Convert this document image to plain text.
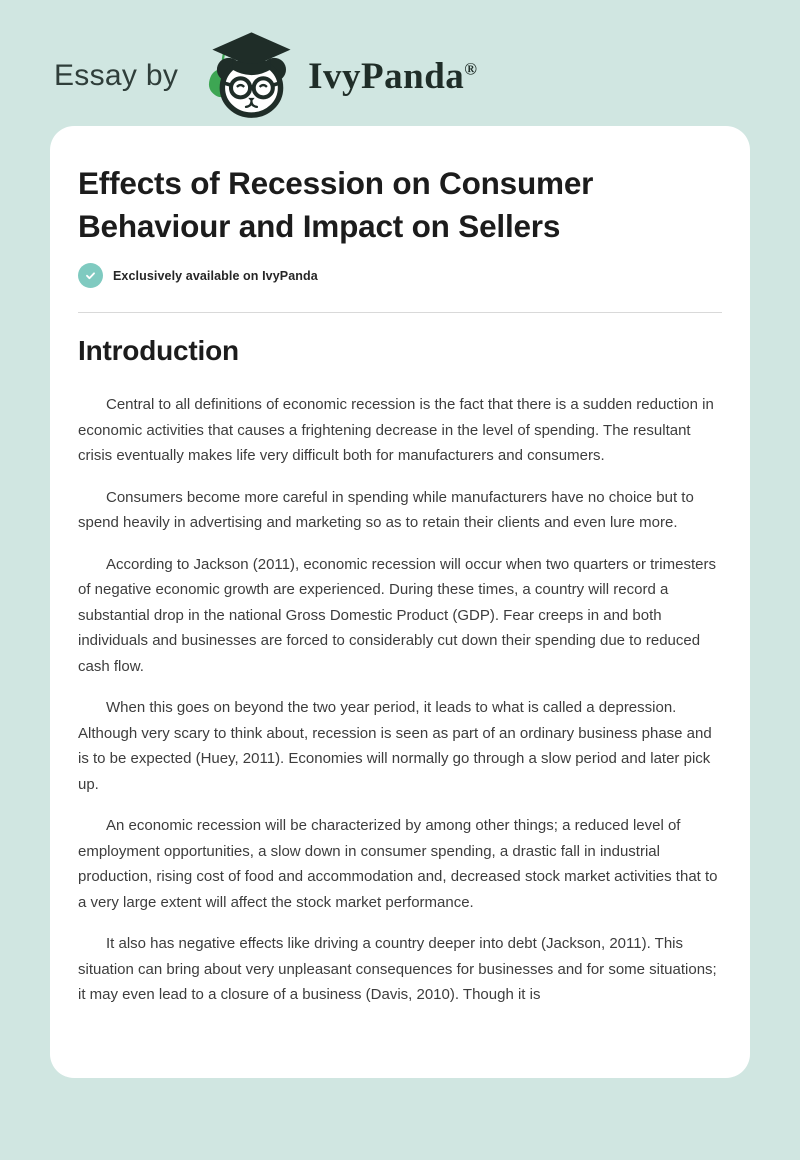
Essay by	IvyPanda®
Effects of Recession on Consumer Behaviour and Impact on Sellers
Exclusively available on IvyPanda
Introduction

Central to all definitions of economic recession is the fact that there is a sudden reduction in economic activities that causes a frightening decrease in the level of spending. The resultant crisis eventually makes life very difficult both for manufacturers and consumers.

Consumers become more careful in spending while manufacturers have no choice but to spend heavily in advertising and marketing so as to retain their clients and even lure more.

According to Jackson (2011), economic recession will occur when two quarters or trimesters of negative economic growth are experienced. During these times, a country will record a substantial drop in the national Gross Domestic Product (GDP). Fear creeps in and both individuals and businesses are forced to considerably cut down their spending due to reduced cash flow.

When this goes on beyond the two year period, it leads to what is called a depression. Although very scary to think about, recession is seen as part of an ordinary business phase and is to be expected (Huey, 2011). Economies will normally go through a slow period and later pick up.

An economic recession will be characterized by among other things; a reduced level of employment opportunities, a slow down in consumer spending, a drastic fall in industrial production, rising cost of food and accommodation and, decreased stock market activities that to a very large extent will affect the stock market performance.

It also has negative effects like driving a country deeper into debt (Jackson, 2011). This situation can bring about very unpleasant consequences for businesses and for some situations; it may even lead to a closure of a business (Davis, 2010). Though it is
